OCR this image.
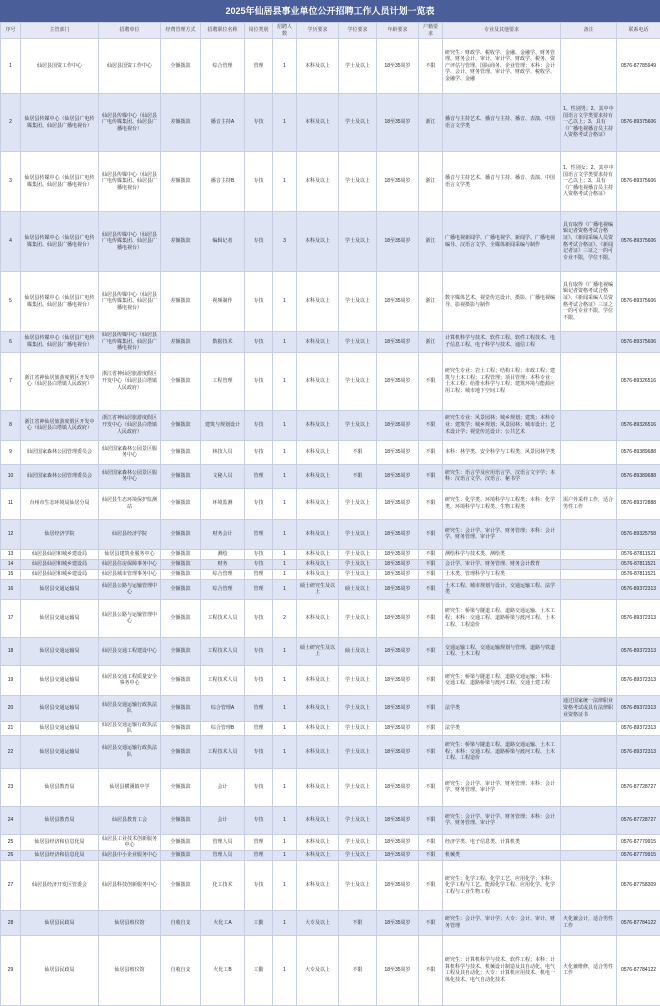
2025年仙居县事业单位公开招聘工作人员计划一览表
序号	主管部门	招聘单位	经费管理方式	招聘职位名称	岗位类别	招聘人数	学历要求	学位要求	年龄要求	户籍要求	专业及其他要求	备注	联系电话
1	仙居县国资工作中心	仙居县国资工作中心	全额拨款	综合管理	管理	1	本科及以上	学士及以上	18至35周岁	不限	研究生：财政学、税收学、金融、金融学、财务管理、财务会计、审计、审计学、财政学、税务、资产评估与管理、国际商务、企业管理；本科：会计学、会计、财务管理、审计学、财政学、税收学、金融学、金融		0576-87785949
2	仙居县传媒中心（仙居县广电传媒集团、仙居县广播电视台）	仙居县传媒中心（仙居县广电传媒集团、仙居县广播电视台）	差额拨款	播音主持A	专技	1	本科及以上	学士及以上	18至35周岁	浙江	播音与主持艺术、播音与主持、播音、表演、中国语言文学类	1、性别男；2、其中中国语言文学类要求持有一乙以上；3、具有《广播电视播音员主持人资格考试合格证》	0576-89375606
3	仙居县传媒中心（仙居县广电传媒集团、仙居县广播电视台）	仙居县传媒中心（仙居县广电传媒集团、仙居县广播电视台）	差额拨款	播音主持B	专技	1	本科及以上	学士及以上	18至35周岁	浙江	播音与主持艺术、播音与主持、播音、表演、中国语言文学类	1、性别女；2、其中中国语言文学类要求持有一乙以上；3、具有《广播电视播音员主持人资格考试合格证》	0576-89375606
4	仙居县传媒中心（仙居县广电传媒集团、仙居县广播电视台）	仙居县传媒中心（仙居县广电传媒集团、仙居县广播电视台）	差额拨款	编辑记者	专技	3	本科及以上	学士及以上	18至35周岁	浙江	广播电视新闻学、广播电视学、新闻学、广播电视编导、汉语言文学、全媒体新闻采编与制作	具有取得《广播电视编辑记者资格考试合格证》、《新闻采编人员资格考试合格证》、《新闻记者证》三证之一的可专业不限，学位不限。	0576-89375606
5	仙居县传媒中心（仙居县广电传媒集团、仙居县广播电视台）	仙居县传媒中心（仙居县广电传媒集团、仙居县广播电视台）	差额拨款	视频制作	专技	1	本科及以上	学士及以上	18至35周岁	浙江	数字媒体艺术、视觉传达设计、摄影、广播电视编导、影视摄影与制作	具有取得《广播电视编辑记者资格考试合格证》、《新闻采编人员资格考试合格证》三证之一的可专业不限，学位不限。	0576-89375606
6	仙居县传媒中心（仙居县广电传媒集团、仙居县广播电视台）	仙居县传媒中心（仙居县广电传媒集团、仙居县广播电视台）	差额拨款	数据技术	专技	1	本科及以上	学士及以上	18至35周岁	浙江	计算机科学与技术、软件工程、软件工程技术、电子信息工程、电子科学与技术、通信工程		0576-89375606
7	浙江省神仙居旅游度假区开发中心（仙居县白塔镇人民政府）	浙江省神仙居旅游度假区开发中心（仙居县白塔镇人民政府）	全额拨款	工程管理	专技	1	本科及以上	学士及以上	18至35周岁	不限	研究生专业：岩土工程；结构工程；市政工程；建筑与土木工程；工程管理；项目管理；本科专业：土木工程；给排水科学与工程；建筑环境与能源应用工程；城市地下空间工程		0576-89326516
8	浙江省神仙居旅游度假区开发中心（仙居县白塔镇人民政府）	浙江省神仙居旅游度假区开发中心（仙居县白塔镇人民政府）	全额拨款	建筑与规划设计	专技	1	本科及以上	学士及以上	18至35周岁	不限	研究生专业：风景园林；城乡规划；建筑；本科专业：建筑学；城乡规划；风景园林；城市设计；艺术设计学；视觉传达设计；公共艺术		0576-89326516
9	仙居国家森林公园管理委员会	仙居国家森林公园景区服务中心	全额拨款	林技人员	专技	1	本科及以上	不限	18至35周岁	不限	本科：林学类、安全科学与工程类、风景园林学类		0576-89389688
10	仙居国家森林公园管理委员会	仙居国家森林公园景区服务中心	全额拨款	文秘人员	管理	1	本科及以上	不限	18至35周岁	不限	研究生：语言学及应用语言学、汉语言文字学；本科：汉语言文学、汉语言、秘书学		0576-89389688
11	台州市生态环境局仙居分局	仙居县生态环境保护监测站	全额拨款	环境监测	专技	1	本科及以上	学士及以上	18至35周岁	不限	研究生：化学类、环境科学与工程类；本科：化学类、环境科学与工程类、生物工程类	需户外采样工作，适合男性工作	0576-89372888
12	仙居经济学院	仙居县经济学院	全额拨款	财务会计	管理	1	本科及以上	学士及以上	18至35周岁	不限	研究生：会计学、审计学、财务管理；本科：会计学、财务管理、审计学		0576-89325758
13	仙居县仙居和城乡建设局	仙居县建筑业服务中心	全额拨款	测绘	专技	1	本科及以上	学士及以上	18至35周岁	不限	测绘科学与技术类、测绘类		0576-87811521
14	仙居县仙居和城乡建设局	仙居县住房保障事务中心	全额拨款	财务	专技	1	本科及以上	学士及以上	18至35周岁	不限	会计学、审计学、财务管理、财务会计教育		0576-87811521
15	仙居县仙居和城乡建设局	仙居县城市管理事务中心	全额拨款	综合管理	管理	1	本科及以上	学士及以上	18至35周岁	不限	土木类、管理科学与工程类		0576-87811521
16	仙居县交通运输局	仙居县公路与运输管理中心	全额拨款	综合管理	管理	1	硕士研究生及以上	硕士及以上	18至35周岁	不限	土木工程、城市规划与设计、交通运输工程、法学类		0576-89372313
17	仙居县交通运输局	仙居县公路与运输管理中心	全额拨款	工程技术人员	专技	2	本科及以上	学士及以上	18至35周岁	不限	研究生：桥梁与隧道工程、道路交通运输、土木工程；本科：交通工程、道路桥梁与渡河工程、土木工程、工程造价		0576-89372313
18	仙居县交通运输局	仙居县交通工程建设中心	全额拨款	工程技术人员	专技	1	硕士研究生及以上	硕士及以上	18至35周岁	不限	交通运输工程、交通运输规划与管理、道路与铁道工程、土木工程		0576-89372313
19	仙居县交通运输局	仙居县交通工程质量安全事务中心	全额拨款	工程技术人员	专技	1	本科及以上	学士及以上	18至35周岁	不限	研究生：桥梁与隧道工程、道路交通运输；本科：交通工程、道路桥梁与渡河工程、交通土建工程		0576-89372313
20	仙居县交通运输局	仙居县交通运输行政执法队	全额拨款	综合管理A	管理	1	本科及以上	学士及以上	18至35周岁	不限	法学类	通过国家统一法律职业资格考试或具有法律职业资格证书	0576-89372313
21	仙居县交通运输局	仙居县交通运输行政执法队	全额拨款	综合管理B	管理	1	本科及以上	学士及以上	18至35周岁	不限	法学类		0576-89372313
22	仙居县交通运输局	仙居县交通运输行政执法队	全额拨款	工程技术人员	专技	1	本科及以上	学士及以上	18至35周岁	不限	研究生：桥梁与隧道工程、道路交通运输、土木工程；本科：交通工程、道路桥梁与渡河工程、土木工程、工程造价		0576-89372313
23	仙居县教育局	仙居县横溪镇中学	全额拨款	会计	专技	1	本科及以上	学士及以上	18至35周岁	不限	研究生：会计学、审计学、财务管理；本科：会计学、财务管理、审计学		0576-87728727
24	仙居县教育局	仙居县教育工会	全额拨款	会计	专技	1	本科及以上	学士及以上	18至35周岁	不限	研究生：会计学、审计学、财务管理；本科：会计学、财务管理、审计学		0576-87728727
25	仙居县经济和信息化局	仙居县工业技术创新服务中心	全额拨款	管理人员	管理	1	本科及以上	学士及以上	18至35周岁	不限	经济学类、电子信息类、计算机类		0576-87779915
26	仙居县经济和信息化局	仙居县中小企业服务中心	全额拨款	管理人员	管理	1	本科及以上	学士及以上	18至35周岁	不限	机械类		0576-87779915
27	仙居县经济开发区管委会	仙居县科技创新服务中心	全额拨款	化工技术	专技	1	本科及以上	学士及以上	18至35周岁	不限	研究生：化学工程、化学工艺、应用化学；本科：化学工程与工艺、能源化学工程、应用化学、化学工程与工业生物工程		0576-87758309
28	仙居县民政局	仙居县殡仪馆	自收自支	火化工A	工勤	1	大专及以上	不限	18至35周岁	不限	研究生：会计学、审计学；大专：会计、审计、财务管理	火化兼会计，适合男性工作	0576-87784122
29	仙居县民政局	仙居县殡仪馆	自收自支	火化工B	工勤	1	大专及以上	不限	18至35周岁	不限	研究生：计算机科学与技术、软件工程；本科：计算机科学与技术、机械设计制造及其自动化、电气工程及其自动化；大专：计算机应用技术、机电一体化技术、电气自动化技术	火化兼维修，适合男性工作	0576-87784122
